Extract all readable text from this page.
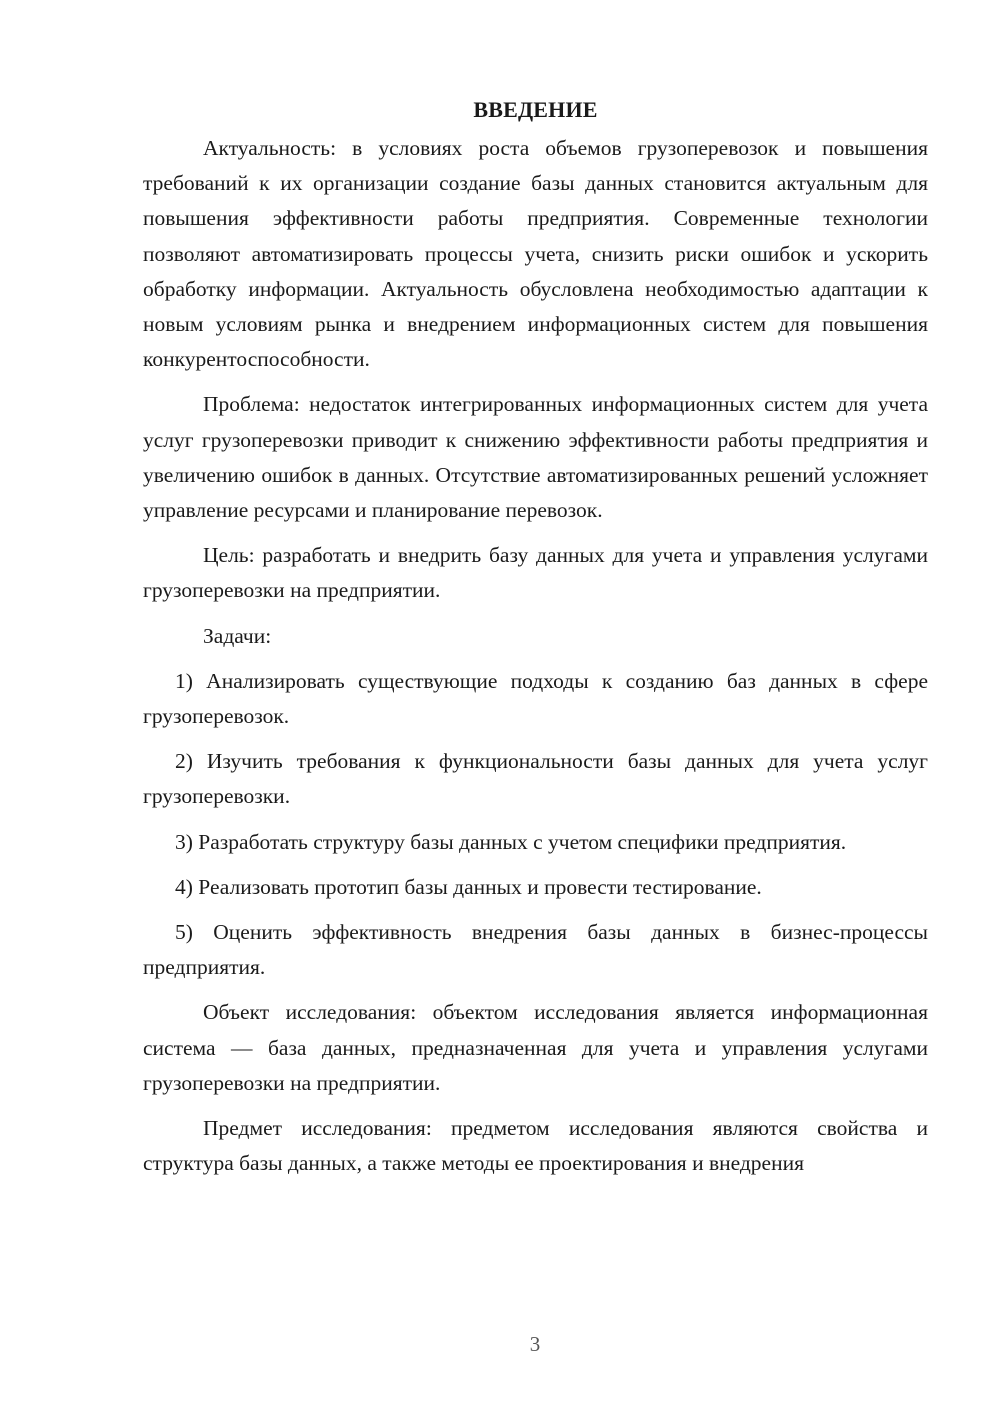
ВВЕДЕНИЕ

Актуальность: в условиях роста объемов грузоперевозок и повышения требований к их организации создание базы данных становится актуальным для повышения эффективности работы предприятия. Современные технологии позволяют автоматизировать процессы учета, снизить риски ошибок и ускорить обработку информации. Актуальность обусловлена необходимостью адаптации к новым условиям рынка и внедрением информационных систем для повышения конкурентоспособности.

Проблема: недостаток интегрированных информационных систем для учета услуг грузоперевозки приводит к снижению эффективности работы предприятия и увеличению ошибок в данных. Отсутствие автоматизированных решений усложняет управление ресурсами и планирование перевозок.

Цель: разработать и внедрить базу данных для учета и управления услугами грузоперевозки на предприятии.

Задачи:

1) Анализировать существующие подходы к созданию баз данных в сфере грузоперевозок.

2) Изучить требования к функциональности базы данных для учета услуг грузоперевозки.

3) Разработать структуру базы данных с учетом специфики предприятия.

4) Реализовать прототип базы данных и провести тестирование.

5) Оценить эффективность внедрения базы данных в бизнес-процессы предприятия.

Объект исследования: объектом исследования является информационная система — база данных, предназначенная для учета и управления услугами грузоперевозки на предприятии.

Предмет исследования: предметом исследования являются свойства и структура базы данных, а также методы ее проектирования и внедрения

3
